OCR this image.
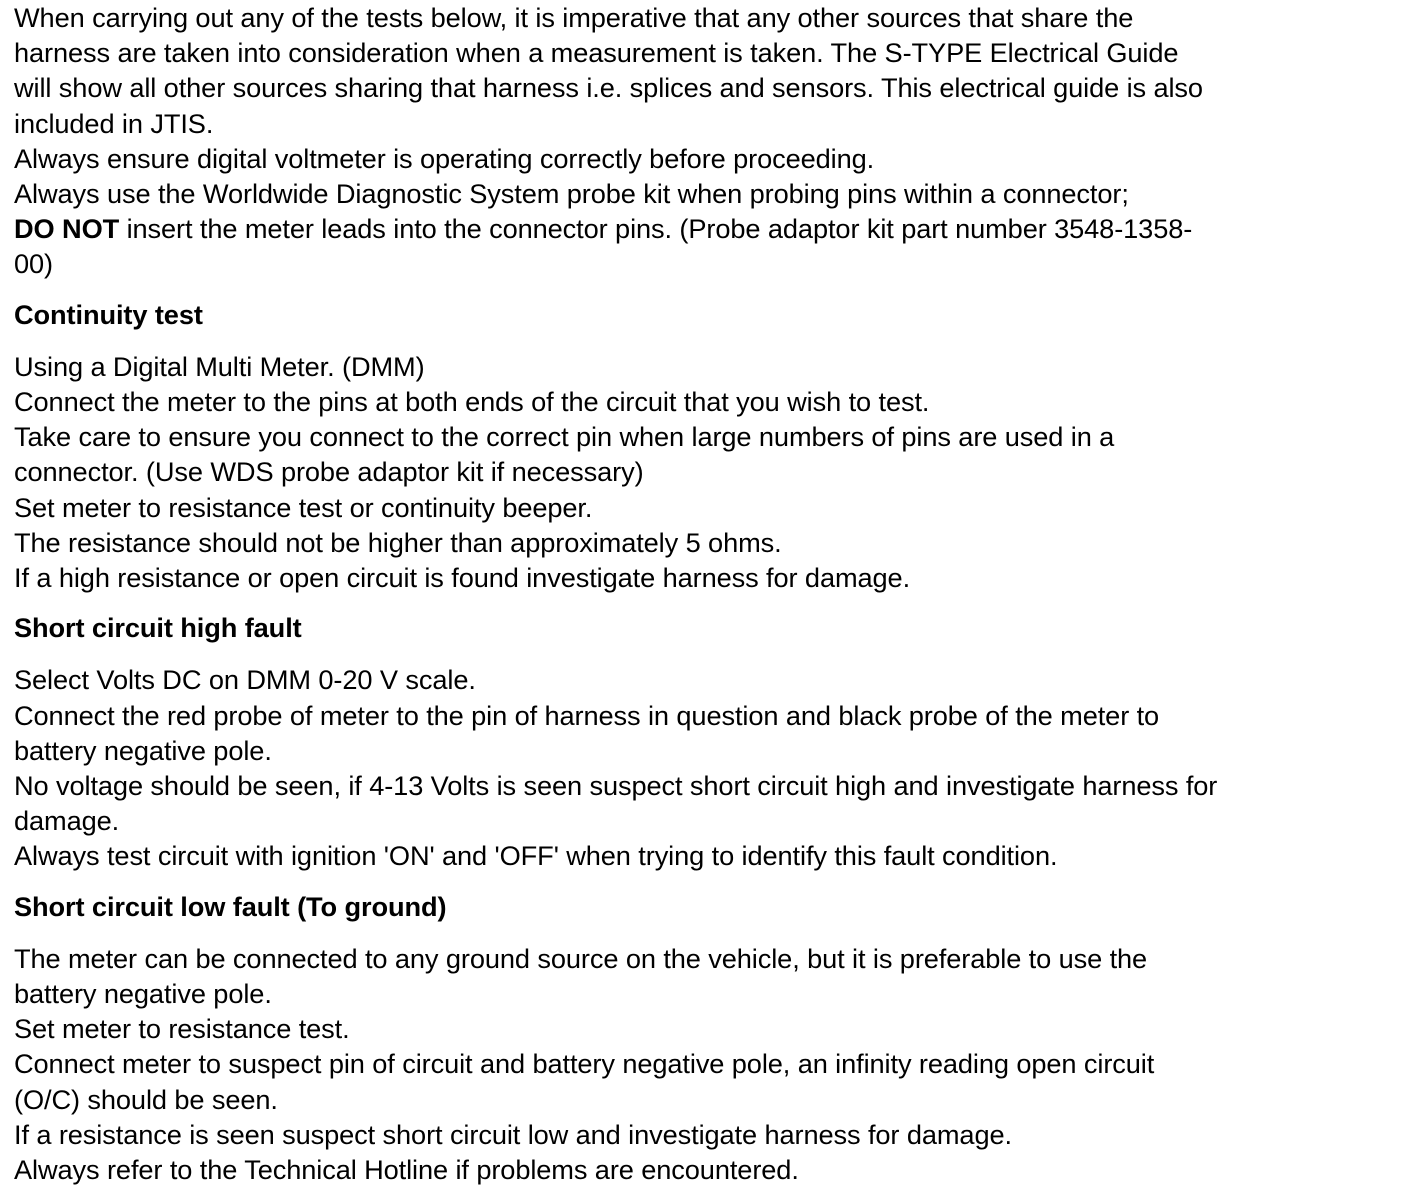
When carrying out any of the tests below, it is imperative that any other sources that share the

harness are taken into consideration when a measurement is taken. The S-TYPE Electrical Guide

will show all other sources sharing that harness i.e. splices and sensors. This electrical guide is also

included in JTIS.

Always ensure digital voltmeter is operating correctly before proceeding.

Always use the Worldwide Diagnostic System probe kit when probing pins within a connector;

DO NOT insert the meter leads into the connector pins. (Probe adaptor kit part number 3548-1358-

00)

Continuity test

Using a Digital Multi Meter. (DMM)

Connect the meter to the pins at both ends of the circuit that you wish to test.

Take care to ensure you connect to the correct pin when large numbers of pins are used in a

connector. (Use WDS probe adaptor kit if necessary)

Set meter to resistance test or continuity beeper.

The resistance should not be higher than approximately 5 ohms.

If a high resistance or open circuit is found investigate harness for damage.

Short circuit high fault

Select Volts DC on DMM 0-20 V scale.

Connect the red probe of meter to the pin of harness in question and black probe of the meter to

battery negative pole.

No voltage should be seen, if 4-13 Volts is seen suspect short circuit high and investigate harness for

damage.

Always test circuit with ignition 'ON' and 'OFF' when trying to identify this fault condition.

Short circuit low fault (To ground)

The meter can be connected to any ground source on the vehicle, but it is preferable to use the

battery negative pole.

Set meter to resistance test.

Connect meter to suspect pin of circuit and battery negative pole, an infinity reading open circuit

(O/C) should be seen.

If a resistance is seen suspect short circuit low and investigate harness for damage.

Always refer to the Technical Hotline if problems are encountered.
